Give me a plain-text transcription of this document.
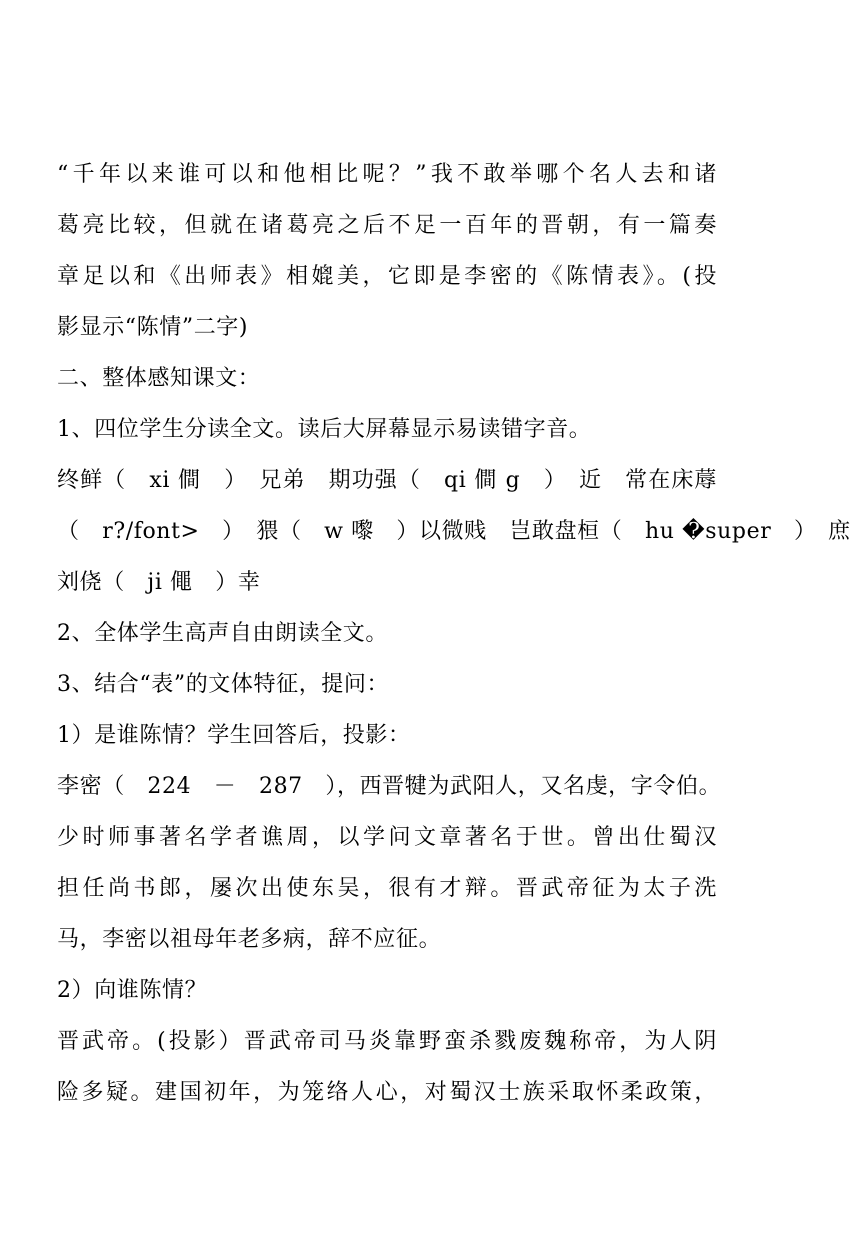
“千年以来谁可以和他相比呢？”我不敢举哪个名人去和诸
葛亮比较，但就在诸葛亮之后不足一百年的晋朝，有一篇奏
章足以和《出师表》相媲美，它即是李密的《陈情表》。(投
影显示“陈情”二字)
二、整体感知课文：
1、四位学生分读全文。读后大屏幕显示易读错字音。
终鲜（　xi 僴　）　兄弟　期功强（　qi 僴 g　）　近　常在床蓐
（　r?/font>　）　猥（　w 嚟　）以微贱　岂敢盘桓（　hu �super　）　庶
刘侥（　ji 僶　）幸
2、全体学生高声自由朗读全文。
3、结合“表”的文体特征，提问：
1）是谁陈情？学生回答后，投影：
李密（　224　－　287　），西晋犍为武阳人，又名虔，字令伯。
少时师事著名学者谯周，以学问文章著名于世。曾出仕蜀汉
担任尚书郎，屡次出使东吴，很有才辩。晋武帝征为太子洗
马，李密以祖母年老多病，辞不应征。
2）向谁陈情？
晋武帝。(投影）晋武帝司马炎靠野蛮杀戮废魏称帝，为人阴
险多疑。建国初年，为笼络人心，对蜀汉士族采取怀柔政策，
